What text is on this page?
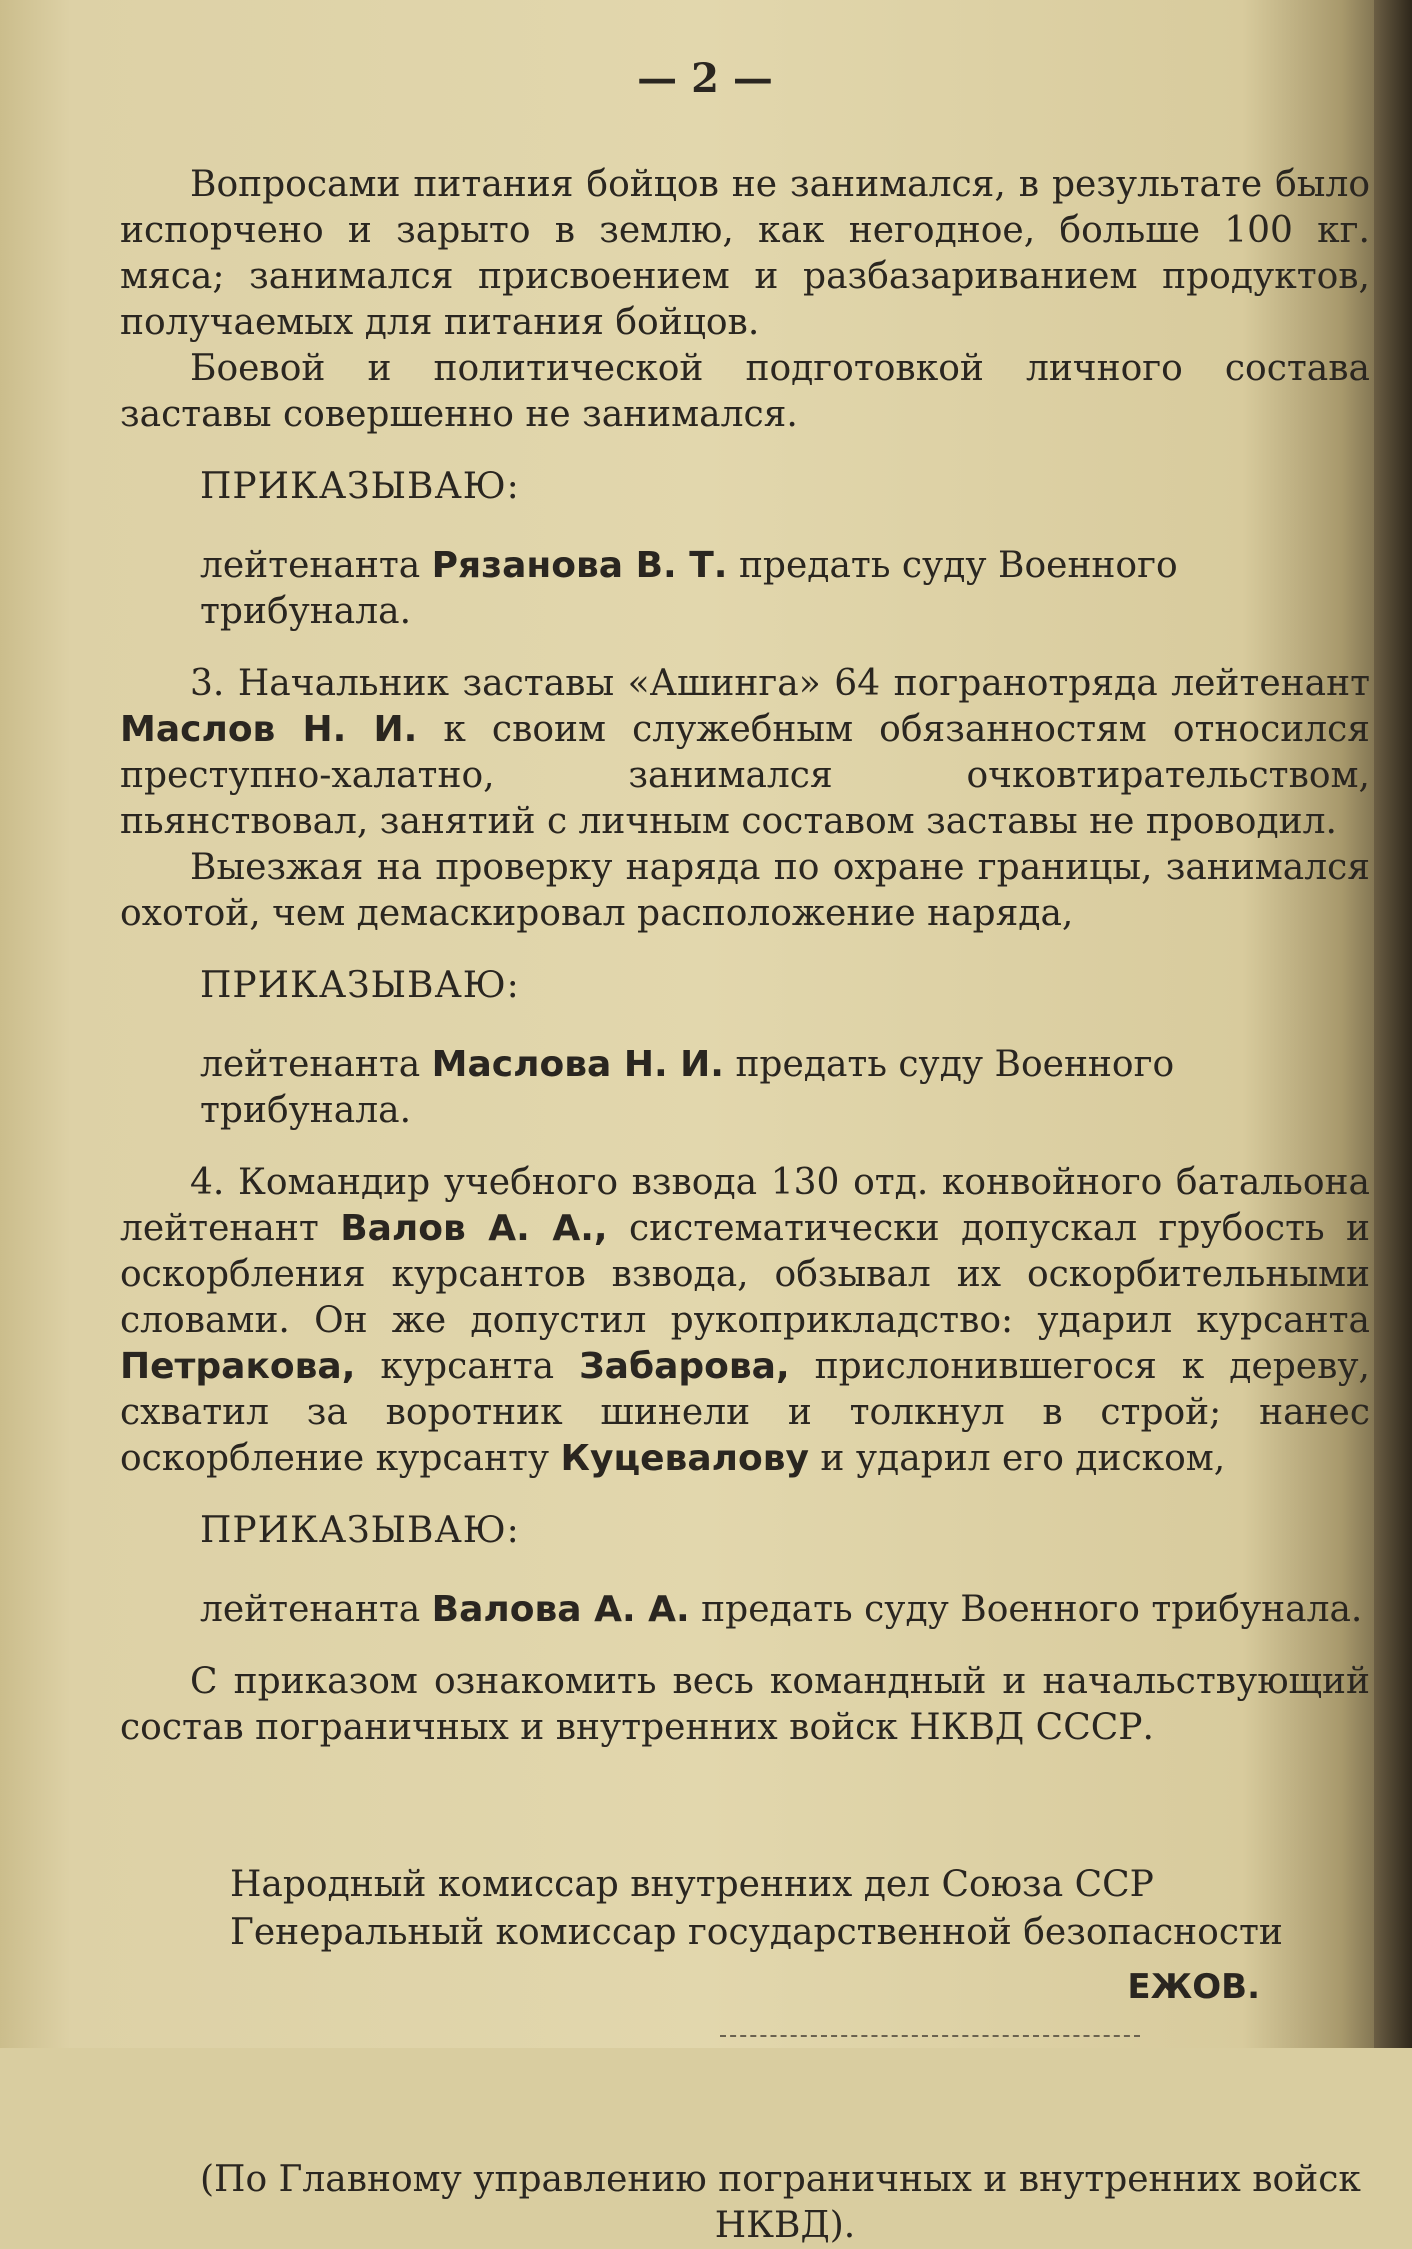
— 2 —

Вопросами питания бойцов не занимался, в результате было испорчено и зарыто в землю, как негодное, больше 100 кг. мяса; занимался присвоением и разбазариванием продуктов, получаемых для питания бойцов.

Боевой и политической подготовкой личного состава заставы совершенно не занимался.

ПРИКАЗЫВАЮ:
лейтенанта Рязанова В. Т. предать суду Военного трибунала.

3. Начальник заставы «Ашинга» 64 погранотряда лейтенант Маслов Н. И. к своим служебным обязанностям относился преступно-халатно, занимался очковтирательством, пьянствовал, занятий с личным составом заставы не проводил.

Выезжая на проверку наряда по охране границы, занимался охотой, чем демаскировал расположение наряда,

ПРИКАЗЫВАЮ:
лейтенанта Маслова Н. И. предать суду Военного трибунала.

4. Командир учебного взвода 130 отд. конвойного батальона лейтенант Валов А. А., систематически допускал грубость и оскорбления курсантов взвода, обзывал их оскорбительными словами. Он же допустил рукоприкладство: ударил курсанта Петракова, курсанта Забарова, прислонившегося к дереву, схватил за воротник шинели и толкнул в строй; нанес оскорбление курсанту Куцевалову и ударил его диском,

ПРИКАЗЫВАЮ:
лейтенанта Валова А. А. предать суду Военного трибунала.

С приказом ознакомить весь командный и начальствующий состав пограничных и внутренних войск НКВД СССР.

Народный комиссар внутренних дел Союза ССР
Генеральный комиссар государственной безопасности
ЕЖОВ.
(По Главному управлению пограничных и внутренних войск
НКВД).
